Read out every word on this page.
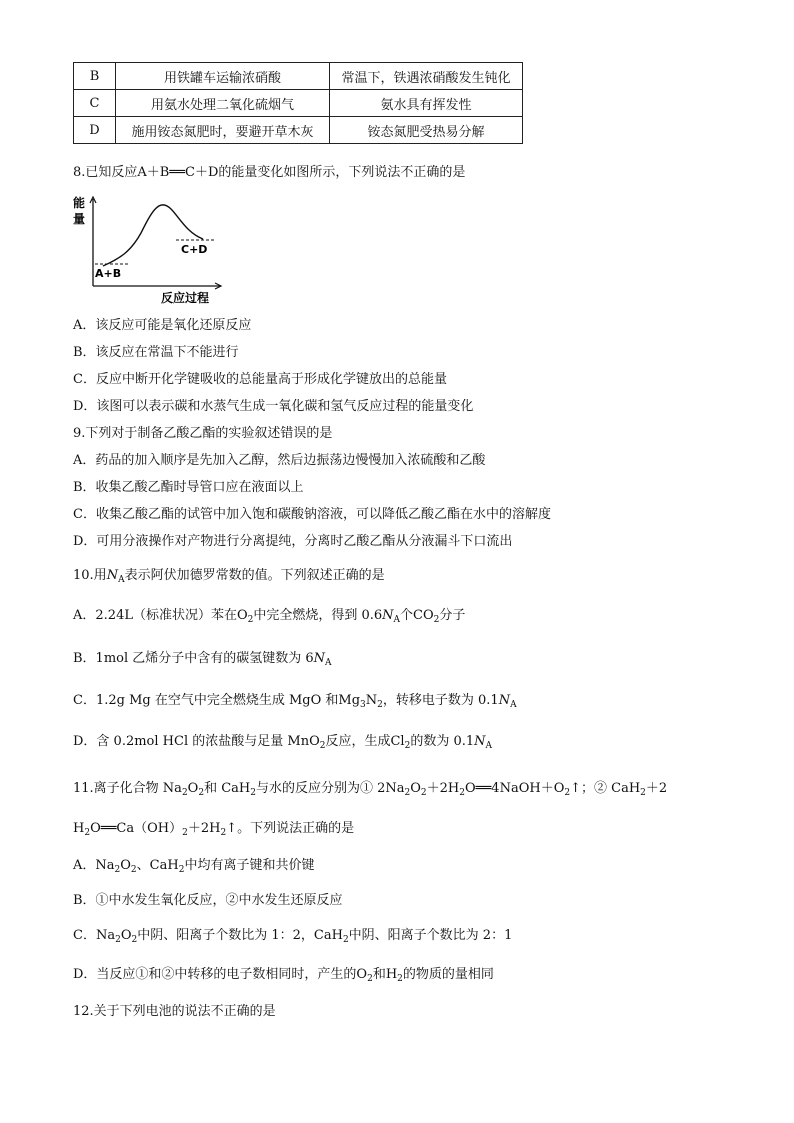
B	用铁罐车运输浓硝酸	常温下，铁遇浓硝酸发生钝化
C	用氨水处理二氧化硫烟气	氨水具有挥发性
D	施用铵态氮肥时，要避开草木灰	铵态氮肥受热易分解
8.已知反应A＋B══C＋D的能量变化如图所示，下列说法不正确的是
能
量
A+B
C+D
反应过程
A．该反应可能是氧化还原反应
B．该反应在常温下不能进行
C．反应中断开化学键吸收的总能量高于形成化学键放出的总能量
D．该图可以表示碳和水蒸气生成一氧化碳和氢气反应过程的能量变化
9.下列对于制备乙酸乙酯的实验叙述错误的是
A．药品的加入顺序是先加入乙醇，然后边振荡边慢慢加入浓硫酸和乙酸
B．收集乙酸乙酯时导管口应在液面以上
C．收集乙酸乙酯的试管中加入饱和碳酸钠溶液，可以降低乙酸乙酯在水中的溶解度
D．可用分液操作对产物进行分离提纯，分离时乙酸乙酯从分液漏斗下口流出
10.用$N_A$表示阿伏加德罗常数的值。下列叙述正确的是
A．2.24L（标准状况）苯在$O_2$中完全燃烧，得到 $0.6N_A$个$CO_2$分子
B．1mol 乙烯分子中含有的碳氢键数为 $6N_A$
C．1.2g Mg 在空气中完全燃烧生成 MgO 和$Mg_3N_2$，转移电子数为 $0.1N_A$
D．含 0.2mol HCl 的浓盐酸与足量 MnO$_2$反应，生成$Cl_2$的数为 $0.1N_A$
11.离子化合物 $Na_2O_2$和 CaH$_2$与水的反应分别为① $2Na_2O_2+2H_2O══4NaOH+O_2↑$；② CaH$_2$＋2
$H_2O══Ca(OH)_2+2H_2↑$。下列说法正确的是
A．$Na_2O_2$、CaH$_2$中均有离子键和共价键
B．①中水发生氧化反应，②中水发生还原反应
C．$Na_2O_2$中阴、阳离子个数比为 1：2，CaH$_2$中阴、阳离子个数比为 2：1
D．当反应①和②中转移的电子数相同时，产生的$O_2$和$H_2$的物质的量相同
12.关于下列电池的说法不正确的是
